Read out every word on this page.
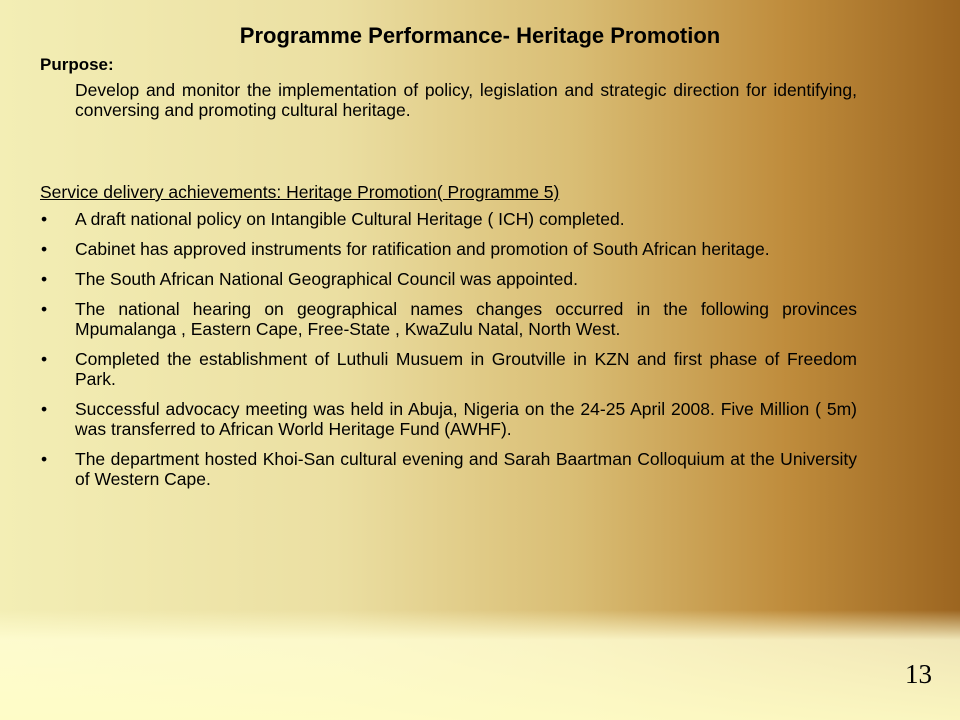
Programme Performance- Heritage Promotion

Purpose:

Develop and monitor the implementation of policy, legislation and strategic direction for identifying, conversing and promoting cultural heritage.

Service delivery achievements: Heritage Promotion( Programme 5)

• A draft national policy on Intangible Cultural Heritage ( ICH) completed.
• Cabinet has approved instruments for ratification and promotion of South African heritage.
• The South African National Geographical Council was appointed.
• The national hearing on geographical names changes occurred in the following provinces Mpumalanga , Eastern Cape, Free-State , KwaZulu Natal, North West.
• Completed the establishment of Luthuli Musuem in Groutville in KZN and first phase of Freedom Park.
• Successful advocacy meeting was held in Abuja, Nigeria on the 24-25 April 2008. Five Million ( 5m) was transferred to African World Heritage Fund (AWHF).
• The department hosted Khoi-San cultural evening and Sarah Baartman Colloquium at the University of Western Cape.

13
